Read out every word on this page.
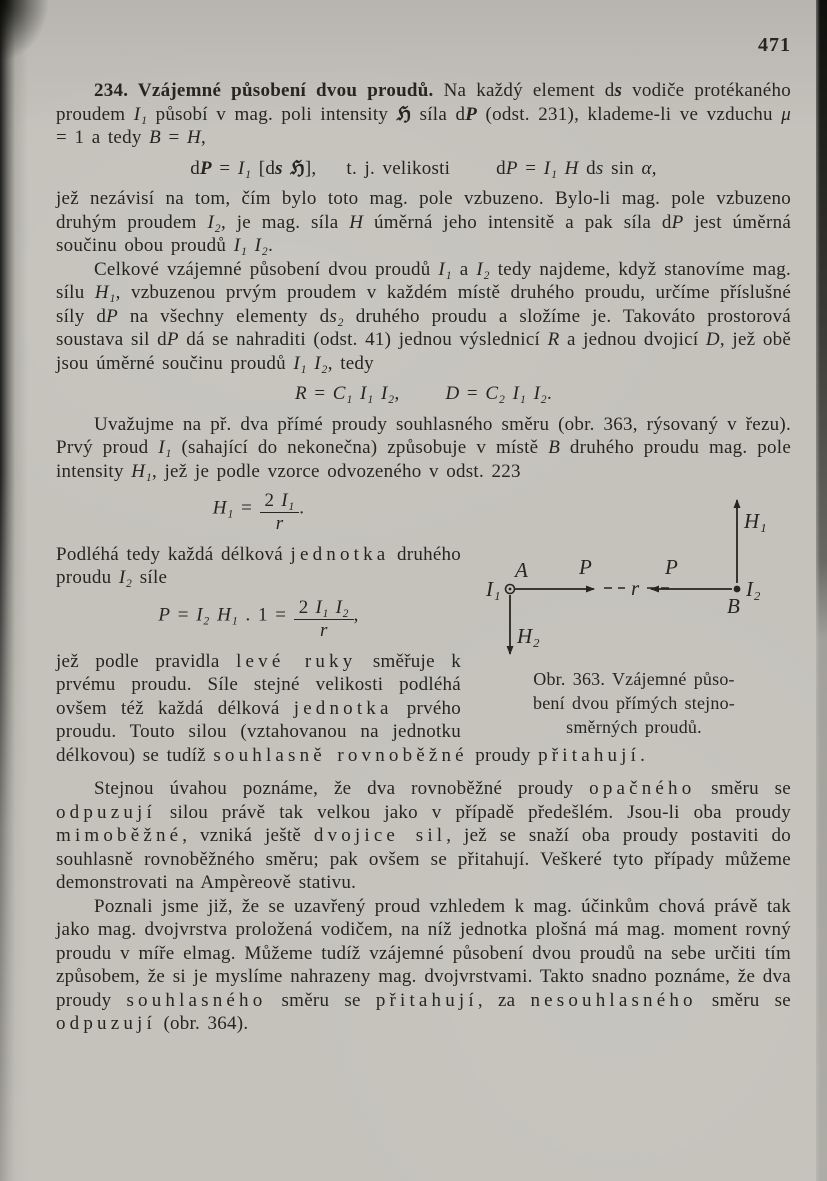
471

234. Vzájemné působení dvou proudů. Na každý element ds vodiče protékaného proudem I₁ působí v mag. poli intensity ℌ síla dP (odst. 231), klademe-li ve vzduchu μ = 1 a tedy B = H,

dP = I₁ [ds ℌ], t. j. velikosti dP = I₁ H ds sin α,

jež nezávisí na tom, čím bylo toto mag. pole vzbuzeno. Bylo-li mag. pole vzbuzeno druhým proudem I₂, je mag. síla H úměrná jeho intensitě a pak síla dP jest úměrná součinu obou proudů I₁ I₂.

Celkové vzájemné působení dvou proudů I₁ a I₂ tedy najdeme, když stanovíme mag. sílu H₁, vzbuzenou prvým proudem v každém místě druhého proudu, určíme příslušné síly dP na všechny elementy ds₂ druhého proudu a složíme je. Takováto prostorová soustava sil dP dá se nahraditi (odst. 41) jednou výslednicí R a jednou dvojicí D, jež obě jsou úměrné součinu proudů I₁ I₂, tedy

R = C₁ I₁ I₂, D = C₂ I₁ I₂.

Uvažujme na př. dva přímé proudy souhlasného směru (obr. 363, rýsovaný v řezu). Prvý proud I₁ (sahající do nekonečna) způsobuje v místě B druhého proudu mag. pole intensity H₁, jež je podle vzorce odvozeného v odst. 223

A
I₁
P
r
P
B
I₂
H₁
H₂
Obr. 363. Vzájemné půso-
bení dvou přímých stejno-
směrných proudů.
$H_1 = \frac{\text{2 I₁}}{r}$ .

Podléhá tedy každá délková jednotka druhého proudu I₂ síle

P = I₂ H₁ . $1 = \frac{\text{2 I₁ I₂}}{r}$ ,

jež podle pravidla levé ruky směřuje k prvému proudu. Síle stejné velikosti podléhá ovšem též každá délková jednotka prvého proudu. Touto silou (vztahovanou na jednotku délkovou) se tudíž souhlasně rovnoběžné proudy přitahují.

Stejnou úvahou poznáme, že dva rovnoběžné proudy opačného směru se odpuzují silou právě tak velkou jako v případě předešlém. Jsou-li oba proudy mimoběžné, vzniká ještě dvojice sil, jež se snaží oba proudy postaviti do souhlasně rovnoběžného směru; pak ovšem se přitahují. Veškeré tyto případy můžeme demonstrovati na Ampèreově stativu.

Poznali jsme již, že se uzavřený proud vzhledem k mag. účinkům chová právě tak jako mag. dvojvrstva proložená vodičem, na níž jednotka plošná má mag. moment rovný proudu v míře elmag. Můžeme tudíž vzájemné působení dvou proudů na sebe určiti tím způsobem, že si je myslíme nahrazeny mag. dvojvrstvami. Takto snadno poznáme, že dva proudy souhlasného směru se přitahují, za nesouhlasného směru se odpuzují (obr. 364).
